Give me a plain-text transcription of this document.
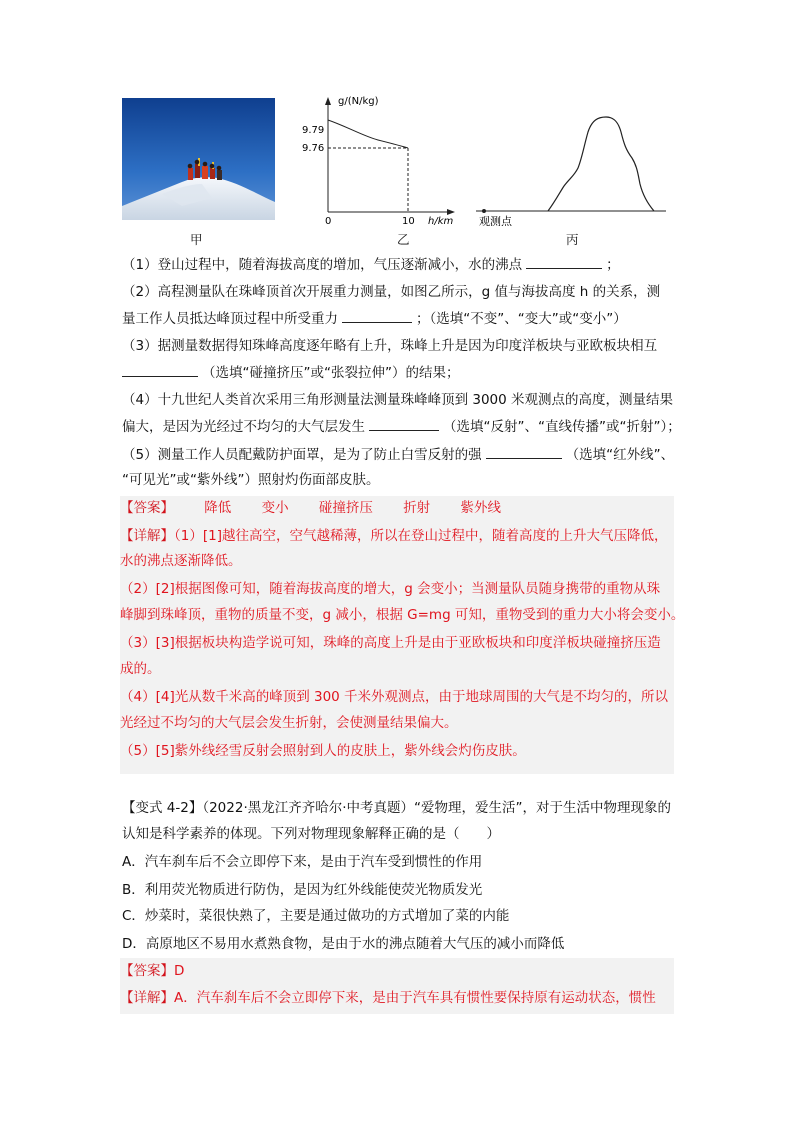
甲
g/(N/kg)
9.79
9.76
0	10 h/km
乙
观测点
丙
（1）登山过程中，随着海拔高度的增加，气压逐渐减小，水的沸点	；
（2）高程测量队在珠峰顶首次开展重力测量，如图乙所示，g 值与海拔高度 h 的关系，测
量工作人员抵达峰顶过程中所受重力	；（选填“不变”、“变大”或“变小”）
（3）据测量数据得知珠峰高度逐年略有上升，珠峰上升是因为印度洋板块与亚欧板块相互
（选填“碰撞挤压”或“张裂拉伸”）的结果；
（4）十九世纪人类首次采用三角形测量法测量珠峰峰顶到 3000 米观测点的高度，测量结果
偏大，是因为光经过不均匀的大气层发生	（选填“反射”、“直线传播”或“折射”）；
（5）测量工作人员配戴防护面罩，是为了防止白雪反射的强	（选填“红外线”、
“可见光”或“紫外线”）照射灼伤面部皮肤。
【答案】 降低 变小 碰撞挤压 折射 紫外线
【详解】（1）[1]越往高空，空气越稀薄，所以在登山过程中，随着高度的上升大气压降低，
水的沸点逐渐降低。
（2）[2]根据图像可知，随着海拔高度的增大，g 会变小；当测量队员随身携带的重物从珠
峰脚到珠峰顶，重物的质量不变，g 减小，根据 G=mg 可知，重物受到的重力大小将会变小。
（3）[3]根据板块构造学说可知，珠峰的高度上升是由于亚欧板块和印度洋板块碰撞挤压造
成的。
（4）[4]光从数千米高的峰顶到 300 千米外观测点，由于地球周围的大气是不均匀的，所以
光经过不均匀的大气层会发生折射，会使测量结果偏大。
（5）[5]紫外线经雪反射会照射到人的皮肤上，紫外线会灼伤皮肤。
【变式 4-2】（2022·黑龙江齐齐哈尔·中考真题）“爱物理，爱生活”，对于生活中物理现象的
认知是科学素养的体现。下列对物理现象解释正确的是（　　）
A．汽车刹车后不会立即停下来，是由于汽车受到惯性的作用
B．利用荧光物质进行防伪，是因为红外线能使荧光物质发光
C．炒菜时，菜很快熟了，主要是通过做功的方式增加了菜的内能
D．高原地区不易用水煮熟食物，是由于水的沸点随着大气压的减小而降低
【答案】D
【详解】A．汽车刹车后不会立即停下来，是由于汽车具有惯性要保持原有运动状态，惯性
